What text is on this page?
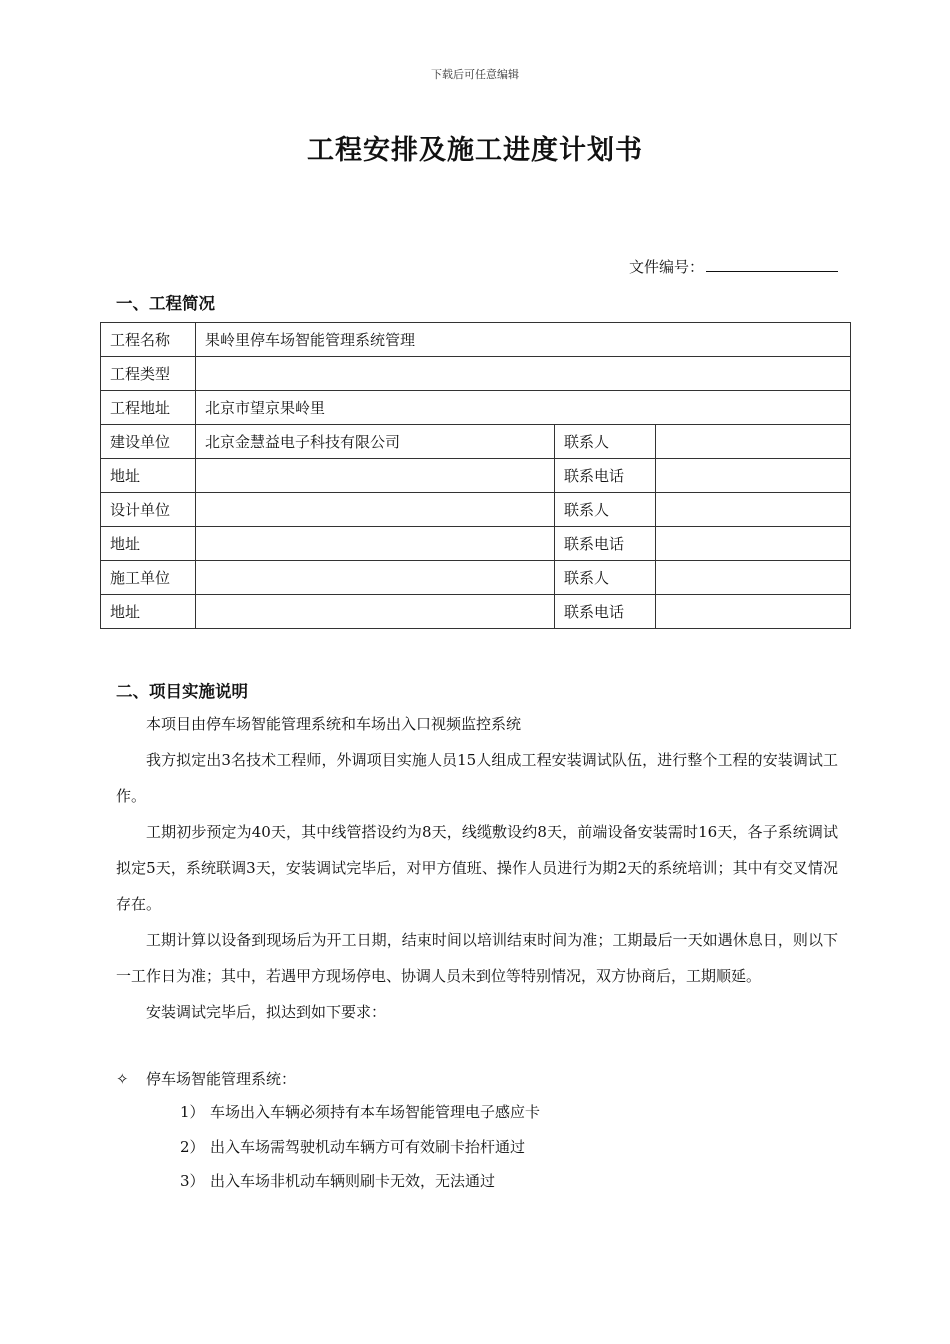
下载后可任意编辑
工程安排及施工进度计划书
文件编号：
一、工程简况
工程名称	果岭里停车场智能管理系统管理		
工程类型			
工程地址	北京市望京果岭里		
建设单位	北京金慧益电子科技有限公司	联系人	
地址		联系电话	
设计单位		联系人	
地址		联系电话	
施工单位		联系人	
地址		联系电话	
二、项目实施说明

本项目由停车场智能管理系统和车场出入口视频监控系统

我方拟定出3名技术工程师，外调项目实施人员15人组成工程安装调试队伍，进行整个工程的安装调试工作。

工期初步预定为40天，其中线管搭设约为8天，线缆敷设约8天，前端设备安装需时16天，各子系统调试拟定5天，系统联调3天，安装调试完毕后，对甲方值班、操作人员进行为期2天的系统培训；其中有交叉情况存在。

工期计算以设备到现场后为开工日期，结束时间以培训结束时间为准；工期最后一天如遇休息日，则以下一工作日为准；其中，若遇甲方现场停电、协调人员未到位等特别情况，双方协商后，工期顺延。

安装调试完毕后，拟达到如下要求：

✧ 停车场智能管理系统：
1） 车场出入车辆必须持有本车场智能管理电子感应卡
2） 出入车场需驾驶机动车辆方可有效刷卡抬杆通过
3） 出入车场非机动车辆则刷卡无效，无法通过
